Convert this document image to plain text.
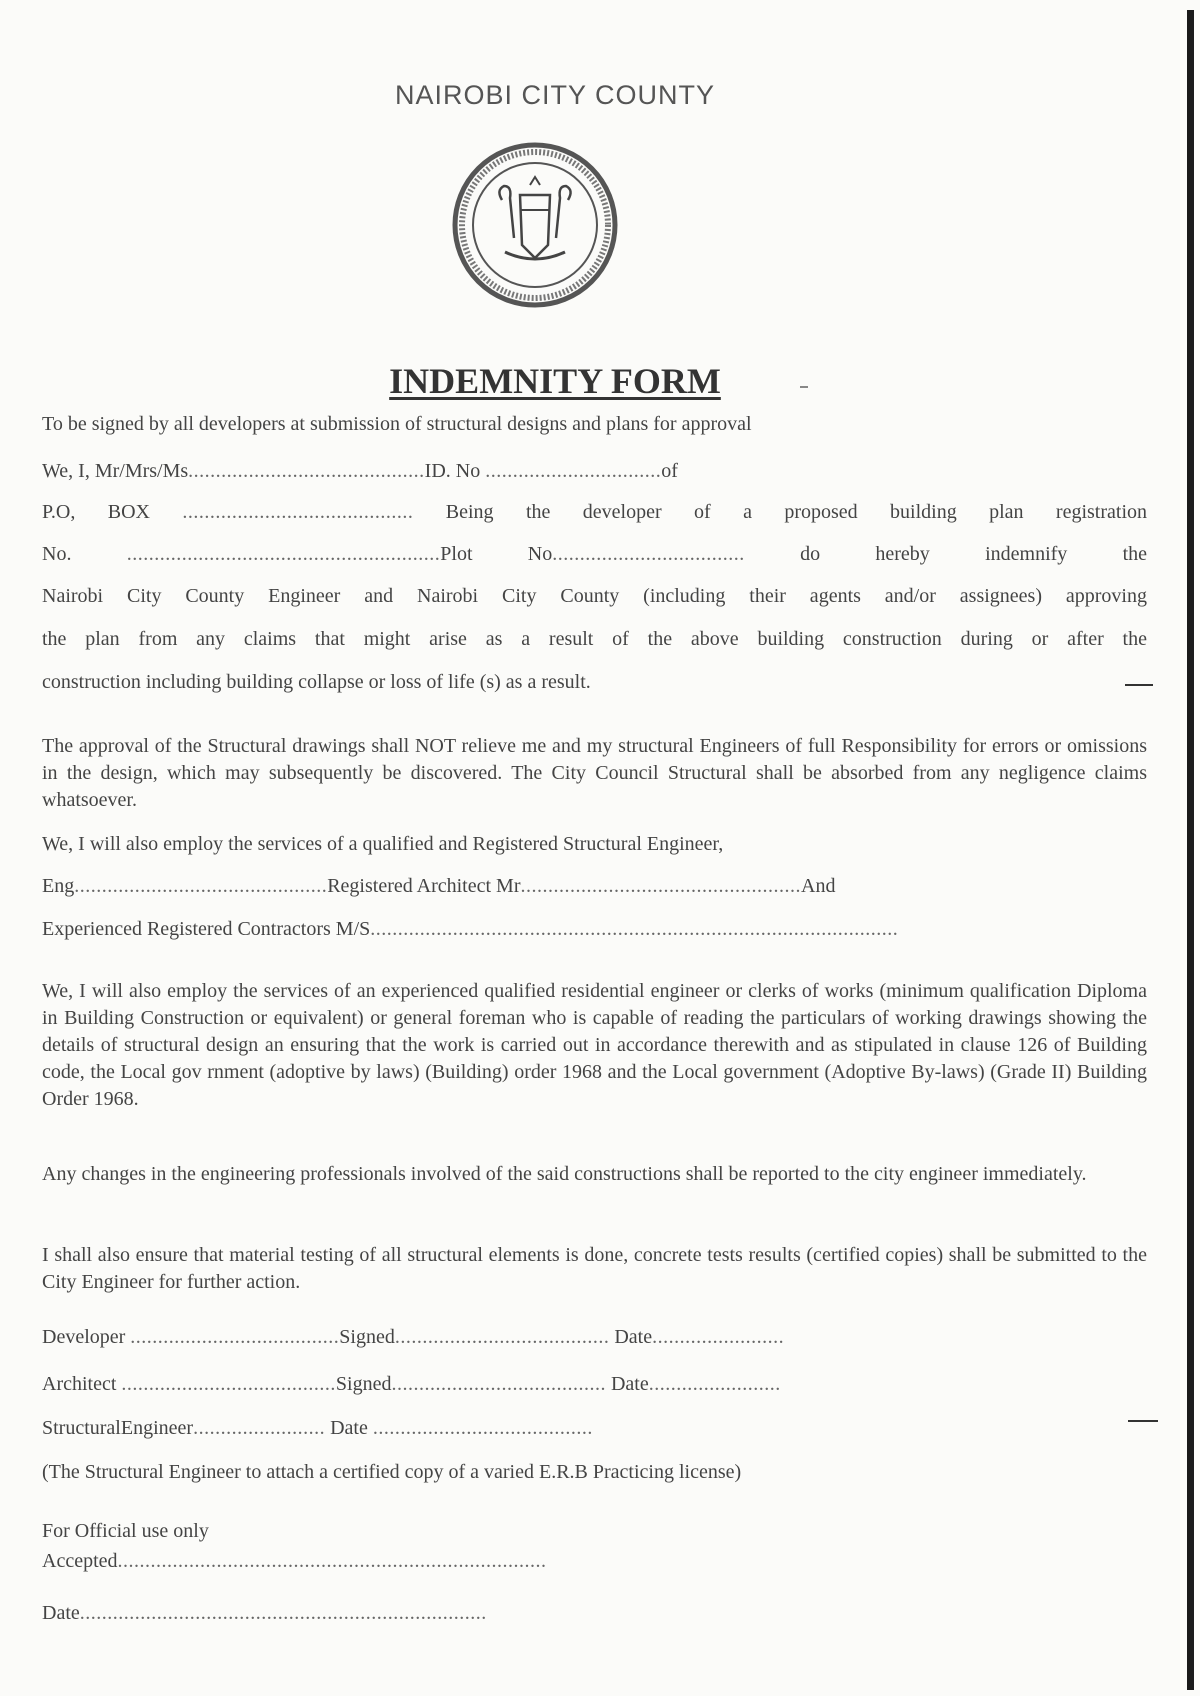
NAIROBI CITY COUNTY
INDEMNITY FORM
To be signed by all developers at submission of structural designs and plans for approval
We, I, Mr/Mrs/Ms...........................................ID. No ................................of
P.O, BOX .......................................... Being the developer of a proposed building plan registration
No.	.........................................................Plot No...................................	do hereby indemnify the
Nairobi City County Engineer and Nairobi City County (including their agents and/or assignees) approving
the plan from any claims that might arise as a result of the above building construction during or after the
construction including building collapse or loss of life (s) as a result.
The approval of the Structural drawings shall NOT relieve me and my structural Engineers of full Responsibility for errors or omissions in the design, which may subsequently be discovered. The City Council Structural shall be absorbed from any negligence claims whatsoever.
We, I will also employ the services of a qualified and Registered Structural Engineer,
Eng..............................................Registered Architect Mr...................................................And
Experienced Registered Contractors M/S................................................................................................
We, I will also employ the services of an experienced qualified residential engineer or clerks of works (minimum qualification Diploma in Building Construction or equivalent) or general foreman who is capable of reading the particulars of working drawings showing the details of structural design an ensuring that the work is carried out in accordance therewith and as stipulated in clause 126 of Building code, the Local gov rnment (adoptive by laws) (Building) order 1968 and the Local government (Adoptive By-laws) (Grade II) Building Order 1968.
Any changes in the engineering professionals involved of the said constructions shall be reported to the city engineer immediately.
I shall also ensure that material testing of all structural elements is done, concrete tests results (certified copies) shall be submitted to the City Engineer for further action.
Developer ......................................Signed....................................... Date........................
Architect .......................................Signed....................................... Date........................
StructuralEngineer........................ Date ........................................
(The Structural Engineer to attach a certified copy of a varied E.R.B Practicing license)
For Official use only
Accepted..............................................................................
Date..........................................................................
